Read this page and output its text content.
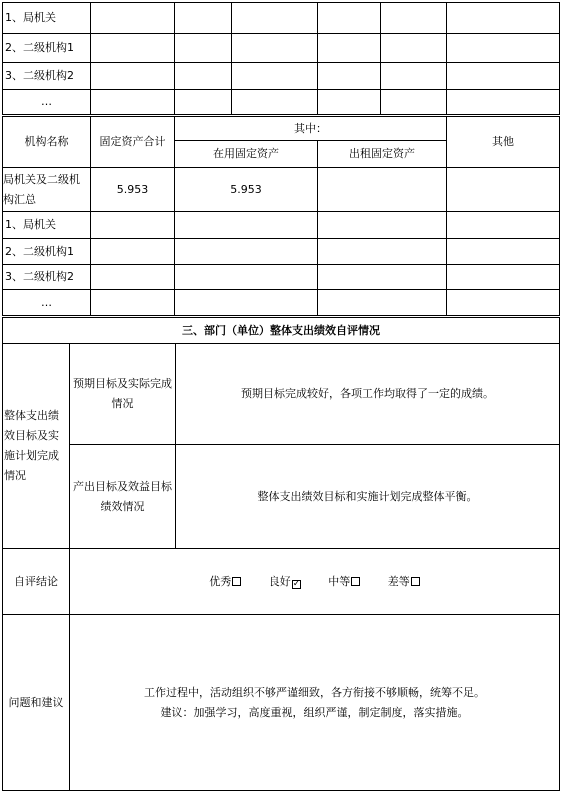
1、局机关						
2、二级机构1						
3、二级机构2						
…						
机构名称	固定资产合计	其中：		其他
		在用固定资产	出租固定资产	
局机关及二级机构汇总	5.953	5.953		
1、局机关				
2、二级机构1				
3、二级机构2				
…				
三、部门（单位）整体支出绩效自评情况		
整体支出绩效目标及实施计划完成情况	预期目标及实际完成情况	预期目标完成较好，各项工作均取得了一定的成绩。
	产出目标及效益目标绩效情况	整体支出绩效目标和实施计划完成整体平衡。
自评结论	优秀 良好 ✓ 中等 差等	
问题和建议	工作过程中，活动组织不够严谨细致，各方衔接不够顺畅，统筹不足。
建议：加强学习，高度重视，组织严谨，制定制度，落实措施。	
